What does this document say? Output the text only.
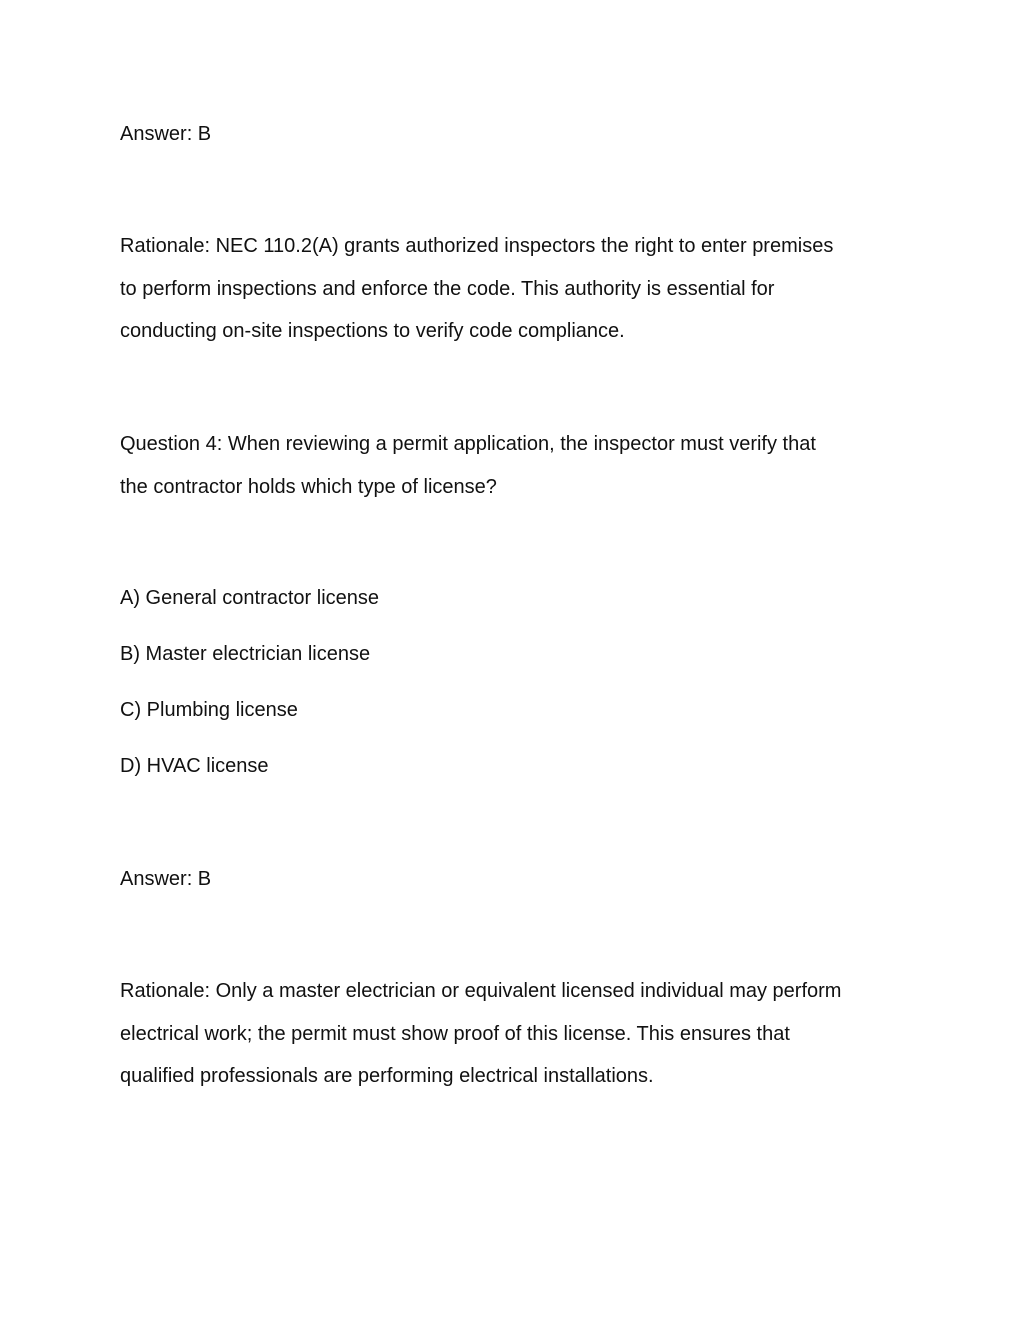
Answer: B

Rationale: NEC 110.2(A) grants authorized inspectors the right to enter premises

to perform inspections and enforce the code. This authority is essential for

conducting on-site inspections to verify code compliance.

Question 4: When reviewing a permit application, the inspector must verify that

the contractor holds which type of license?

A) General contractor license

B) Master electrician license

C) Plumbing license

D) HVAC license

Answer: B

Rationale: Only a master electrician or equivalent licensed individual may perform

electrical work; the permit must show proof of this license. This ensures that

qualified professionals are performing electrical installations.
